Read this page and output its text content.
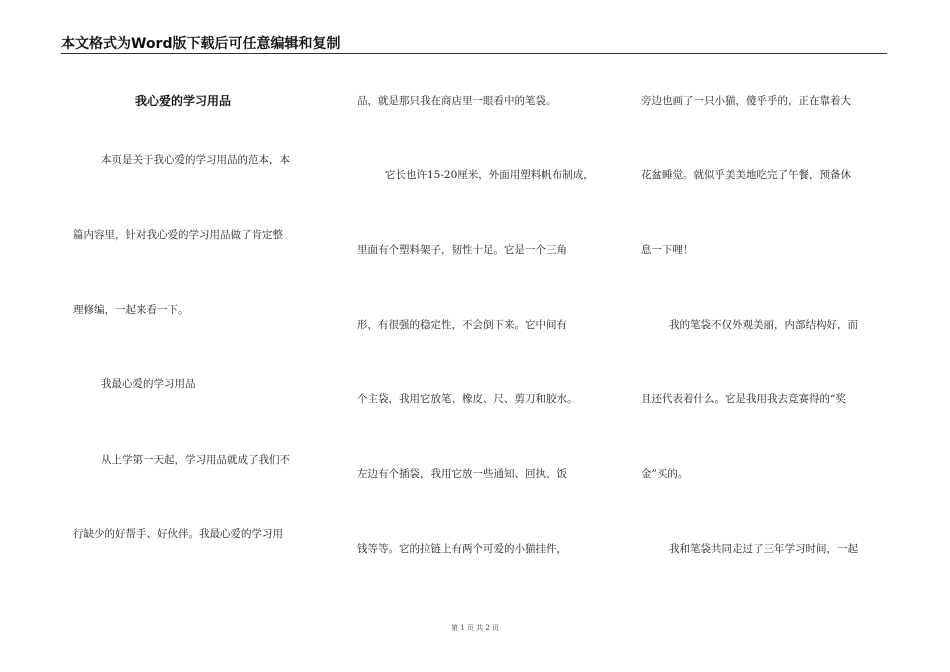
本文格式为Word版下载后可任意编辑和复制
我心爱的学习用品
本页是关于我心爱的学习用品的范本，本
篇内容里，针对我心爱的学习用品做了肯定整
理修编，一起来看一下。
我最心爱的学习用品
从上学第一天起，学习用品就成了我们不
行缺少的好帮手、好伙伴。我最心爱的学习用
品，就是那只我在商店里一眼看中的笔袋。
它长也许15-20厘米，外面用塑料帆布制成，
里面有个塑料架子，韧性十足。它是一个三角
形，有很强的稳定性，不会倒下来。它中间有
个主袋，我用它放笔、橡皮、尺、剪刀和胶水。
左边有个插袋，我用它放一些通知、回执、饭
钱等等。它的拉链上有两个可爱的小猫挂件，
旁边也画了一只小猫，傻乎乎的，正在靠着大
花盆睡觉。就似乎美美地吃完了午餐，预备休
息一下哩！
我的笔袋不仅外观美丽，内部结构好，而
且还代表着什么。它是我用我去竞赛得的“奖
金”买的。
我和笔袋共同走过了三年学习时间，一起
第 1 页 共 2 页
